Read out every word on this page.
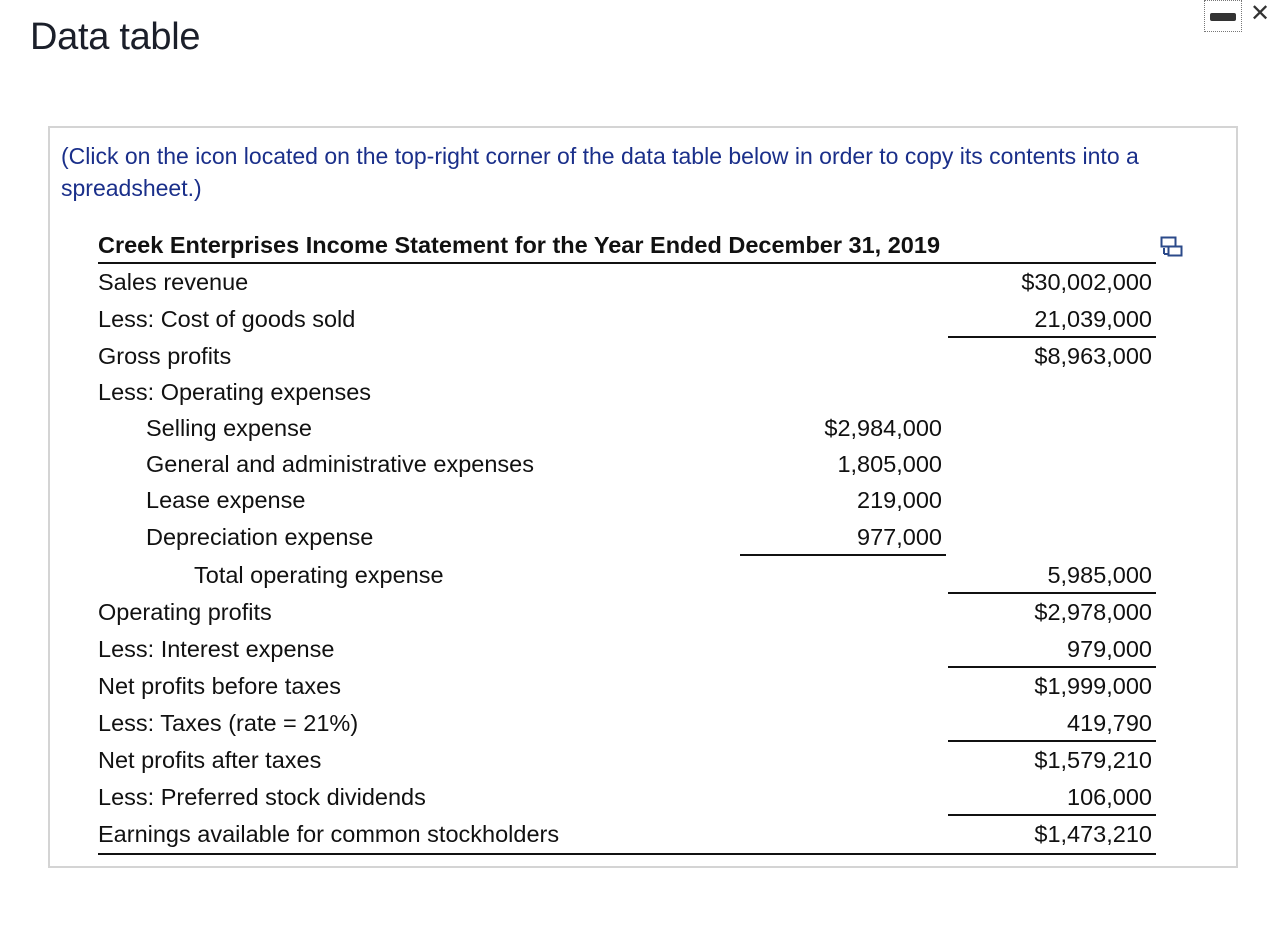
Data table
✕
(Click on the icon located on the top-right corner of the data table below in order to copy its contents into a spreadsheet.)
Creek Enterprises Income Statement for the Year Ended December 31, 2019
Sales revenue	$30,002,000
Less: Cost of goods sold	21,039,000
Gross profits	$8,963,000
Less: Operating expenses
Selling expense	$2,984,000
General and administrative expenses	1,805,000
Lease expense	219,000
Depreciation expense	977,000
Total operating expense	5,985,000
Operating profits	$2,978,000
Less: Interest expense	979,000
Net profits before taxes	$1,999,000
Less: Taxes (rate = 21%)	419,790
Net profits after taxes	$1,579,210
Less: Preferred stock dividends	106,000
Earnings available for common stockholders	$1,473,210
